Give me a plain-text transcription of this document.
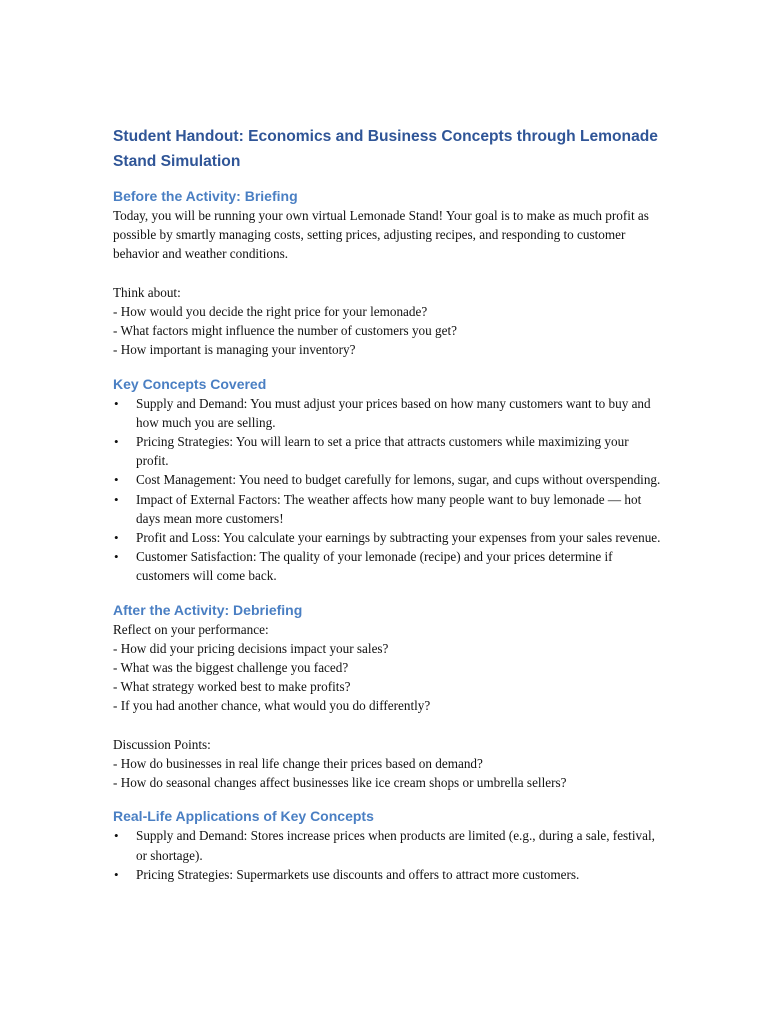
Student Handout: Economics and Business Concepts through Lemonade Stand Simulation
Before the Activity: Briefing

Today, you will be running your own virtual Lemonade Stand! Your goal is to make as much profit as possible by smartly managing costs, setting prices, adjusting recipes, and responding to customer behavior and weather conditions.

Think about:

- How would you decide the right price for your lemonade?

- What factors might influence the number of customers you get?

- How important is managing your inventory?

Key Concepts Covered
• Supply and Demand: You must adjust your prices based on how many customers want to buy and how much you are selling.
• Pricing Strategies: You will learn to set a price that attracts customers while maximizing your profit.
• Cost Management: You need to budget carefully for lemons, sugar, and cups without overspending.
• Impact of External Factors: The weather affects how many people want to buy lemonade — hot days mean more customers!
• Profit and Loss: You calculate your earnings by subtracting your expenses from your sales revenue.
• Customer Satisfaction: The quality of your lemonade (recipe) and your prices determine if customers will come back.
After the Activity: Debriefing

Reflect on your performance:

- How did your pricing decisions impact your sales?

- What was the biggest challenge you faced?

- What strategy worked best to make profits?

- If you had another chance, what would you do differently?

Discussion Points:

- How do businesses in real life change their prices based on demand?

- How do seasonal changes affect businesses like ice cream shops or umbrella sellers?

Real-Life Applications of Key Concepts
• Supply and Demand: Stores increase prices when products are limited (e.g., during a sale, festival, or shortage).
• Pricing Strategies: Supermarkets use discounts and offers to attract more customers.
